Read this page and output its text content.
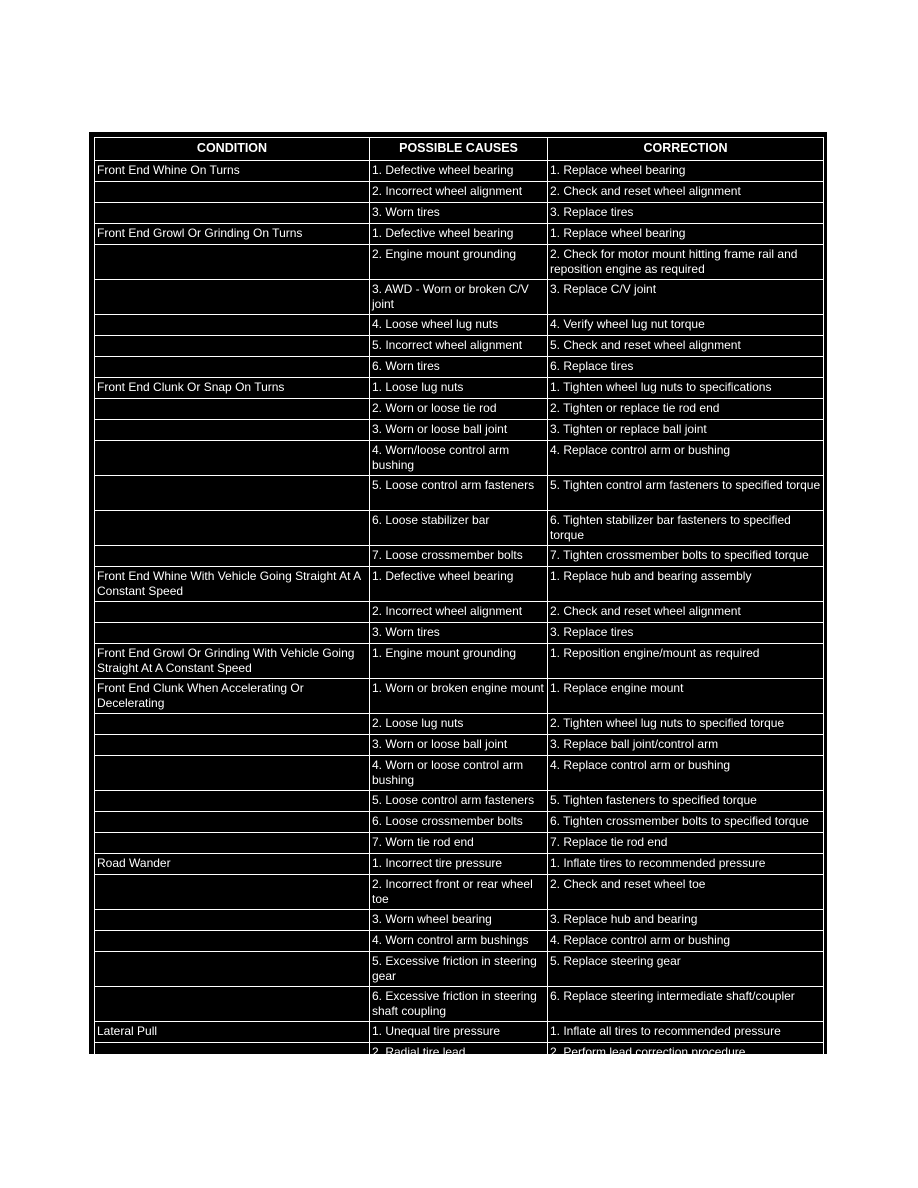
CONDITION	POSSIBLE CAUSES	CORRECTION
Front End Whine On Turns	1. Defective wheel bearing	1. Replace wheel bearing
	2. Incorrect wheel alignment	2. Check and reset wheel alignment
	3. Worn tires	3. Replace tires
Front End Growl Or Grinding On Turns	1. Defective wheel bearing	1. Replace wheel bearing
	2. Engine mount grounding	2. Check for motor mount hitting frame rail and reposition engine as required
	3. AWD - Worn or broken C/V joint	3. Replace C/V joint
	4. Loose wheel lug nuts	4. Verify wheel lug nut torque
	5. Incorrect wheel alignment	5. Check and reset wheel alignment
	6. Worn tires	6. Replace tires
Front End Clunk Or Snap On Turns	1. Loose lug nuts	1. Tighten wheel lug nuts to specifications
	2. Worn or loose tie rod	2. Tighten or replace tie rod end
	3. Worn or loose ball joint	3. Tighten or replace ball joint
	4. Worn/loose control arm bushing	4. Replace control arm or bushing
	5. Loose control arm fasteners	5. Tighten control arm fasteners to specified torque
	6. Loose stabilizer bar	6. Tighten stabilizer bar fasteners to specified torque
	7. Loose crossmember bolts	7. Tighten crossmember bolts to specified torque
Front End Whine With Vehicle Going Straight At A Constant Speed	1. Defective wheel bearing	1. Replace hub and bearing assembly
	2. Incorrect wheel alignment	2. Check and reset wheel alignment
	3. Worn tires	3. Replace tires
Front End Growl Or Grinding With Vehicle Going Straight At A Constant Speed	1. Engine mount grounding	1. Reposition engine/mount as required
Front End Clunk When Accelerating Or Decelerating	1. Worn or broken engine mount	1. Replace engine mount
	2. Loose lug nuts	2. Tighten wheel lug nuts to specified torque
	3. Worn or loose ball joint	3. Replace ball joint/control arm
	4. Worn or loose control arm bushing	4. Replace control arm or bushing
	5. Loose control arm fasteners	5. Tighten fasteners to specified torque
	6. Loose crossmember bolts	6. Tighten crossmember bolts to specified torque
	7. Worn tie rod end	7. Replace tie rod end
Road Wander	1. Incorrect tire pressure	1. Inflate tires to recommended pressure
	2. Incorrect front or rear wheel toe	2. Check and reset wheel toe
	3. Worn wheel bearing	3. Replace hub and bearing
	4. Worn control arm bushings	4. Replace control arm or bushing
	5. Excessive friction in steering gear	5. Replace steering gear
	6. Excessive friction in steering shaft coupling	6. Replace steering intermediate shaft/coupler
Lateral Pull	1. Unequal tire pressure	1. Inflate all tires to recommended pressure
	2. Radial tire lead	2. Perform lead correction procedure
